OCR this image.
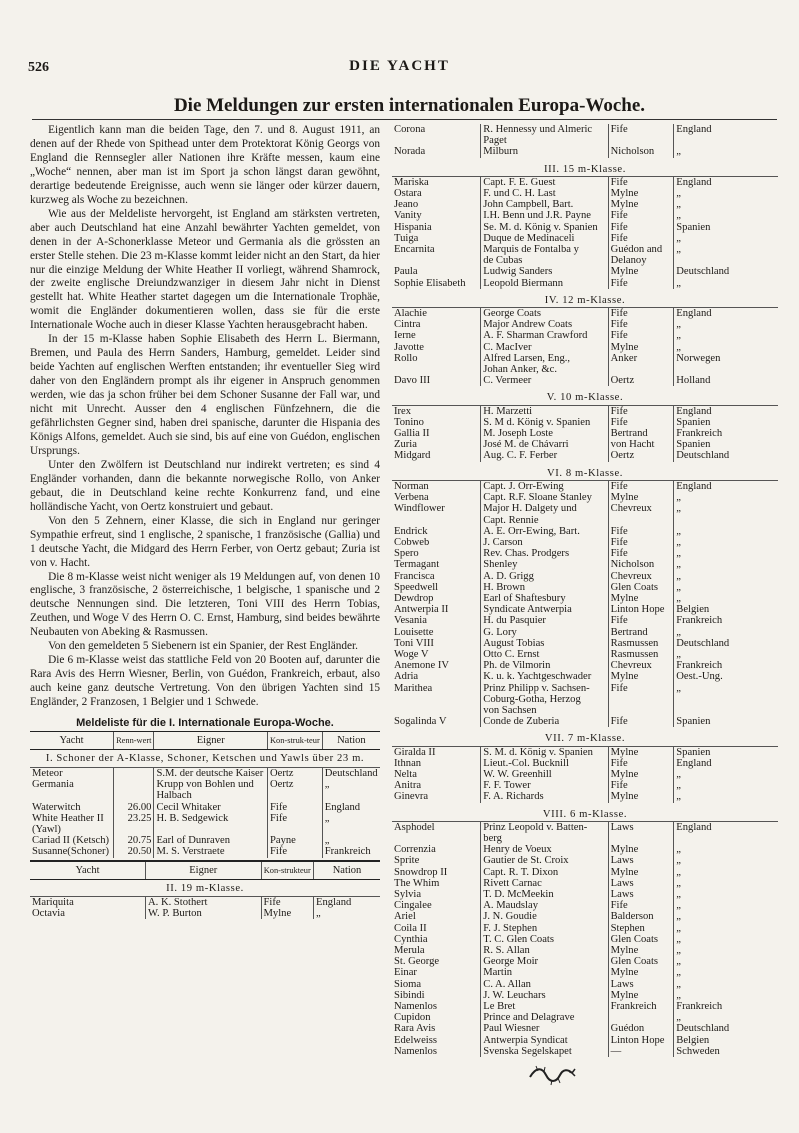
526	DIE YACHT
Die Meldungen zur ersten internationalen Europa-Woche.

Eigentlich kann man die beiden Tage, den 7. und 8. August 1911, an denen auf der Rhede von Spithead unter dem Protektorat König Georgs von England die Rennsegler aller Nationen ihre Kräfte messen, kaum eine „Woche“ nennen, aber man ist im Sport ja schon längst daran gewöhnt, derartige bedeutende Ereignisse, auch wenn sie länger oder kürzer dauern, kurzweg als Woche zu bezeichnen.

Wie aus der Meldeliste hervorgeht, ist England am stärksten vertreten, aber auch Deutschland hat eine Anzahl bewährter Yachten gemeldet, von denen in der A-Schonerklasse Meteor und Germania als die grössten an erster Stelle stehen. Die 23 m-Klasse kommt leider nicht an den Start, da hier nur die einzige Meldung der White Heather II vorliegt, während Shamrock, der zweite englische Dreiundzwanziger in diesem Jahr nicht in Dienst gestellt hat. White Heather startet dagegen um die Internationale Trophäe, womit die Engländer dokumentieren wollen, dass sie für die erste Internationale Woche auch in dieser Klasse Yachten herausgebracht haben.

In der 15 m-Klasse haben Sophie Elisabeth des Herrn L. Biermann, Bremen, und Paula des Herrn Sanders, Hamburg, gemeldet. Leider sind beide Yachten auf englischen Werften entstanden; ihr eventueller Sieg wird daher von den Engländern prompt als ihr eigener in Anspruch genommen werden, wie das ja schon früher bei dem Schoner Susanne der Fall war, und nicht mit Unrecht. Ausser den 4 englischen Fünfzehnern, die die gefährlichsten Gegner sind, haben drei spanische, darunter die Hispania des Königs Alfons, gemeldet. Auch sie sind, bis auf eine von Guédon, englischen Ursprungs.

Unter den Zwölfern ist Deutschland nur indirekt vertreten; es sind 4 Engländer vorhanden, dann die bekannte norwegische Rollo, von Anker gebaut, die in Deutschland keine rechte Konkurrenz fand, und eine holländische Yacht, von Oertz konstruiert und gebaut.

Von den 5 Zehnern, einer Klasse, die sich in England nur geringer Sympathie erfreut, sind 1 englische, 2 spanische, 1 französische (Gallia) und 1 deutsche Yacht, die Midgard des Herrn Ferber, von Oertz gebaut; Zuria ist von v. Hacht.

Die 8 m-Klasse weist nicht weniger als 19 Meldungen auf, von denen 10 englische, 3 französische, 2 österreichische, 1 belgische, 1 spanische und 2 deutsche Nennungen sind. Die letzteren, Toni VIII des Herrn Tobias, Zeuthen, und Woge V des Herrn O. C. Ernst, Hamburg, sind beides bewährte Neubauten von Abeking & Rasmussen.

Von den gemeldeten 5 Siebenern ist ein Spanier, der Rest Engländer.

Die 6 m-Klasse weist das stattliche Feld von 20 Booten auf, darunter die Rara Avis des Herrn Wiesner, Berlin, von Guédon, Frankreich, erbaut, also auch keine ganz deutsche Vertretung. Von den übrigen Yachten sind 15 Engländer, 2 Franzosen, 1 Belgier und 1 Schwede.

Meldeliste für die I. Internationale Europa-Woche.
Yacht	Renn-wert	Eigner	Kon-struk-teur	Nation
I. Schoner der A-Klasse, Schoner, Ketschen und Yawls über 23 m.				
Meteor		S.M. der deutsche Kaiser	Oertz	Deutschland
Germania		Krupp von Bohlen und	Oertz	„
		Halbach		
Waterwitch	26.00	Cecil Whitaker	Fife	England
White Heather II	23.25	H. B. Sedgewick	Fife	„
(Yawl)				
Cariad II (Ketsch)	20.75	Earl of Dunraven	Payne	„
Susanne(Schoner)	20.50	M. S. Verstraete	Fife	Frankreich

Yacht	Eigner	Kon-strukteur	Nation
II. 19 m-Klasse.			
Mariquita	A. K. Stothert	Fife	England
Octavia	W. P. Burton	Mylne	„
Corona	R. Hennessy und Almeric	Fife	England
	Paget		
Norada	Milburn	Nicholson	„

III. 15 m-Klasse.			
Mariska	Capt. F. E. Guest	Fife	England
Ostara	F. und C. H. Last	Mylne	„
Jeano	John Campbell, Bart.	Mylne	„
Vanity	I.H. Benn und J.R. Payne	Fife	„
Hispania	Se. M. d. König v. Spanien	Fife	Spanien
Tuiga	Duque de Medinaceli	Fife	„
Encarnita	Marquis de Fontalba y	Guédon and	„
	de Cubas	Delanoy	
Paula	Ludwig Sanders	Mylne	Deutschland
Sophie Elisabeth	Leopold Biermann	Fife	„

IV. 12 m-Klasse.			
Alachie	George Coats	Fife	England
Cintra	Major Andrew Coats	Fife	„
Ierne	A. F. Sharman Crawford	Fife	„
Javotte	C. MacIver	Mylne	„
Rollo	Alfred Larsen, Eng.,	Anker	Norwegen
	Johan Anker, &c.		
Davo III	C. Vermeer	Oertz	Holland

V. 10 m-Klasse.			
Irex	H. Marzetti	Fife	England
Tonino	S. M d. König v. Spanien	Fife	Spanien
Gallia II	M. Joseph Loste	Bertrand	Frankreich
Zuria	José M. de Chávarri	von Hacht	Spanien
Midgard	Aug. C. F. Ferber	Oertz	Deutschland

VI. 8 m-Klasse.			
Norman	Capt. J. Orr-Ewing	Fife	England
Verbena	Capt. R.F. Sloane Stanley	Mylne	„
Windflower	Major H. Dalgety und	Chevreux	„
	Capt. Rennie		
Endrick	A. E. Orr-Ewing, Bart.	Fife	„
Cobweb	J. Carson	Fife	„
Spero	Rev. Chas. Prodgers	Fife	„
Termagant	Shenley	Nicholson	„
Francisca	A. D. Grigg	Chevreux	„
Speedwell	H. Brown	Glen Coats	„
Dewdrop	Earl of Shaftesbury	Mylne	„
Antwerpia II	Syndicate Antwerpia	Linton Hope	Belgien
Vesania	H. du Pasquier	Fife	Frankreich
Louisette	G. Lory	Bertrand	„
Toni VIII	August Tobias	Rasmussen	Deutschland
Woge V	Otto C. Ernst	Rasmussen	„
Anemone IV	Ph. de Vilmorin	Chevreux	Frankreich
Adria	K. u. k. Yachtgeschwader	Mylne	Oest.-Ung.
Marithea	Prinz Philipp v. Sachsen-	Fife	„
	Coburg-Gotha, Herzog		
	von Sachsen		
Sogalinda V	Conde de Zuberia	Fife	Spanien

VII. 7 m-Klasse.			
Giralda II	S. M. d. König v. Spanien	Mylne	Spanien
Ithnan	Lieut.-Col. Bucknill	Fife	England
Nelta	W. W. Greenhill	Mylne	„
Anitra	F. F. Tower	Fife	„
Ginevra	F. A. Richards	Mylne	„

VIII. 6 m-Klasse.			
Asphodel	Prinz Leopold v. Batten-	Laws	England
	berg		
Correnzia	Henry de Voeux	Mylne	„
Sprite	Gautier de St. Croix	Laws	„
Snowdrop II	Capt. R. T. Dixon	Mylne	„
The Whim	Rivett Carnac	Laws	„
Sylvia	T. D. McMeekin	Laws	„
Cingalee	A. Maudslay	Fife	„
Ariel	J. N. Goudie	Balderson	„
Coila II	F. J. Stephen	Stephen	„
Cynthia	T. C. Glen Coats	Glen Coats	„
Merula	R. S. Allan	Mylne	„
St. George	George Moir	Glen Coats	„
Einar	Martin	Mylne	„
Sioma	C. A. Allan	Laws	„
Sibindi	J. W. Leuchars	Mylne	„
Namenlos	Le Bret	Frankreich	Frankreich
Cupidon	Prince and Delagrave		„
Rara Avis	Paul Wiesner	Guédon	Deutschland
Edelweiss	Antwerpia Syndicat	Linton Hope	Belgien
Namenlos	Svenska Segelskapet	—	Schweden
